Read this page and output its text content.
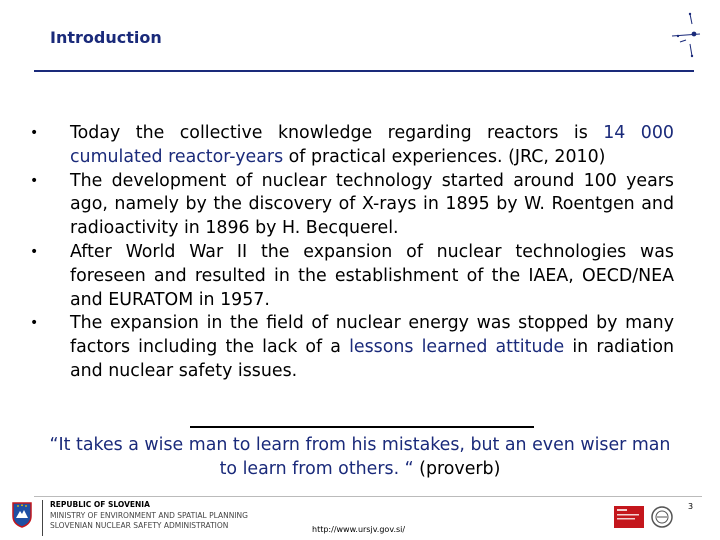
Introduction
•	Today the collective knowledge regarding reactors is 14 000 cumulated reactor-years of practical experiences. (JRC, 2010)
•	The development of nuclear technology started around 100 years ago, namely by the discovery of X-rays in 1895 by W. Roentgen and radioactivity in 1896 by H. Becquerel.
•	After World War II the expansion of nuclear technologies was foreseen and resulted in the establishment of the IAEA, OECD/NEA and EURATOM in 1957.
•	The expansion in the field of nuclear energy was stopped by many factors including the lack of a lessons learned attitude in radiation and nuclear safety issues.
“It takes a wise man to learn from his mistakes, but an even wiser man to learn from others. “ (proverb)
REPUBLIC OF SLOVENIA
MINISTRY OF ENVIRONMENT AND SPATIAL PLANNING
SLOVENIAN NUCLEAR SAFETY ADMINISTRATION	http://www.ursjv.gov.si/
3
